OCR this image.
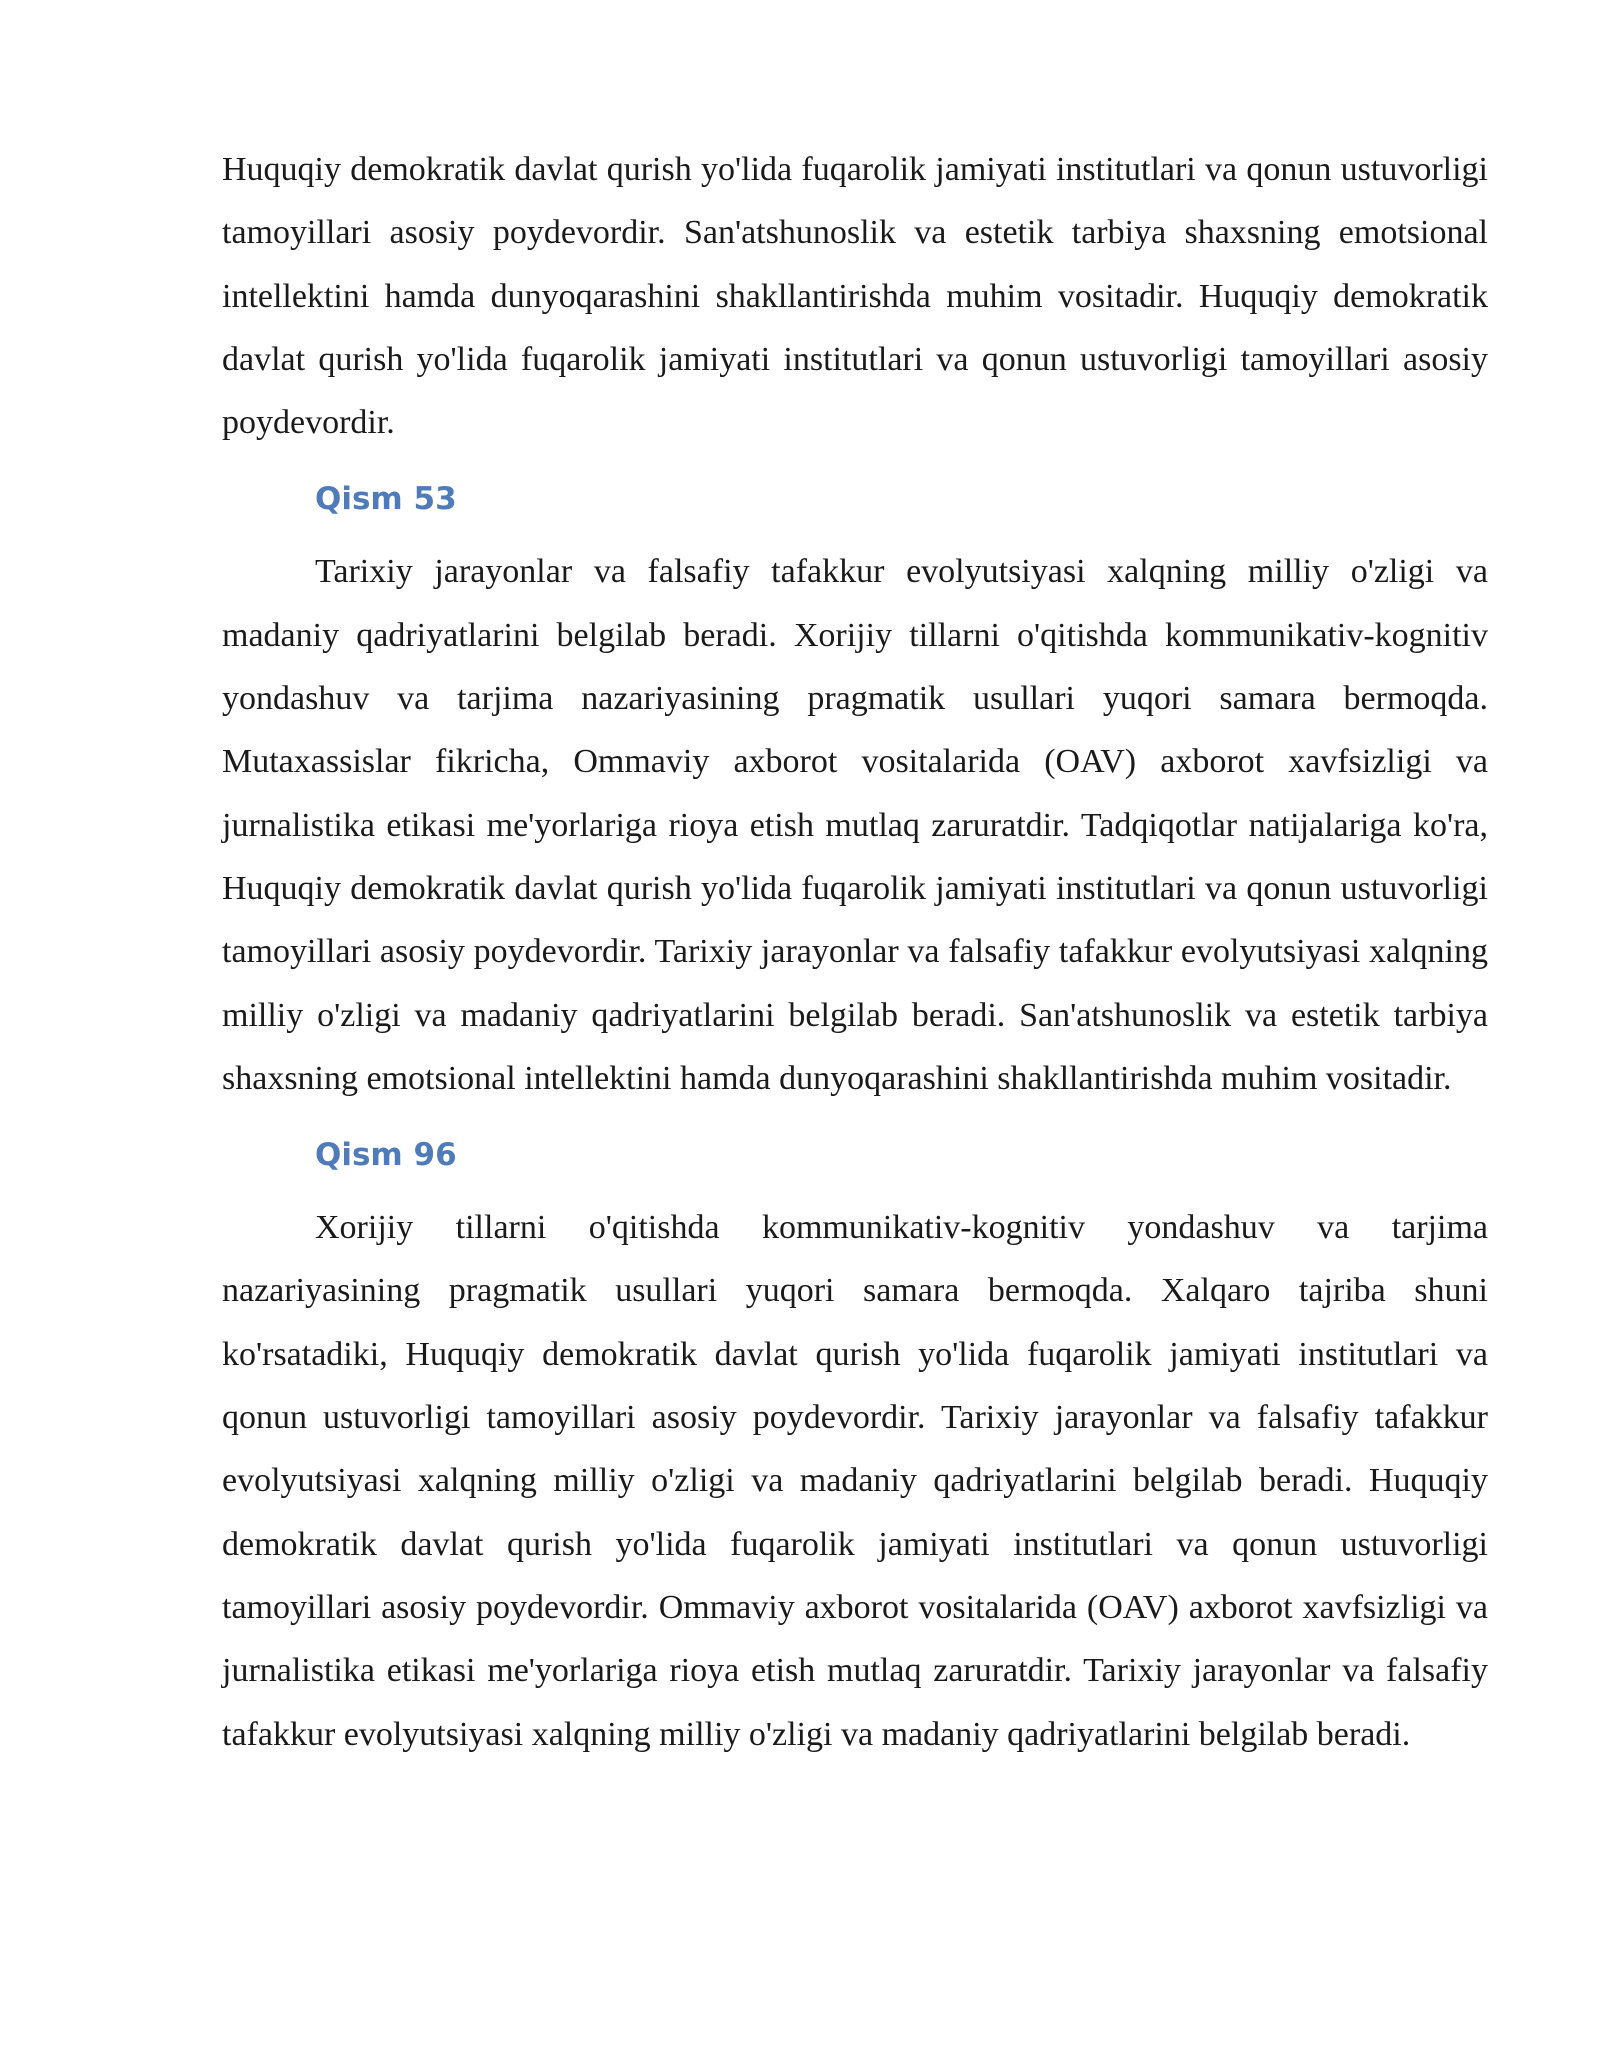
Huquqiy demokratik davlat qurish yo'lida fuqarolik jamiyati institutlari va qonun ustuvorligi tamoyillari asosiy poydevordir. San'atshunoslik va estetik tarbiya shaxsning emotsional intellektini hamda dunyoqarashini shakllantirishda muhim vositadir. Huquqiy demokratik davlat qurish yo'lida fuqarolik jamiyati institutlari va qonun ustuvorligi tamoyillari asosiy poydevordir.

Qism 53

Tarixiy jarayonlar va falsafiy tafakkur evolyutsiyasi xalqning milliy o'zligi va madaniy qadriyatlarini belgilab beradi. Xorijiy tillarni o'qitishda kommunikativ-kognitiv yondashuv va tarjima nazariyasining pragmatik usullari yuqori samara bermoqda. Mutaxassislar fikricha, Ommaviy axborot vositalarida (OAV) axborot xavfsizligi va jurnalistika etikasi me'yorlariga rioya etish mutlaq zaruratdir. Tadqiqotlar natijalariga ko'ra, Huquqiy demokratik davlat qurish yo'lida fuqarolik jamiyati institutlari va qonun ustuvorligi tamoyillari asosiy poydevordir. Tarixiy jarayonlar va falsafiy tafakkur evolyutsiyasi xalqning milliy o'zligi va madaniy qadriyatlarini belgilab beradi. San'atshunoslik va estetik tarbiya shaxsning emotsional intellektini hamda dunyoqarashini shakllantirishda muhim vositadir.

Qism 96

Xorijiy tillarni o'qitishda kommunikativ-kognitiv yondashuv va tarjima nazariyasining pragmatik usullari yuqori samara bermoqda. Xalqaro tajriba shuni ko'rsatadiki, Huquqiy demokratik davlat qurish yo'lida fuqarolik jamiyati institutlari va qonun ustuvorligi tamoyillari asosiy poydevordir. Tarixiy jarayonlar va falsafiy tafakkur evolyutsiyasi xalqning milliy o'zligi va madaniy qadriyatlarini belgilab beradi. Huquqiy demokratik davlat qurish yo'lida fuqarolik jamiyati institutlari va qonun ustuvorligi tamoyillari asosiy poydevordir. Ommaviy axborot vositalarida (OAV) axborot xavfsizligi va jurnalistika etikasi me'yorlariga rioya etish mutlaq zaruratdir. Tarixiy jarayonlar va falsafiy tafakkur evolyutsiyasi xalqning milliy o'zligi va madaniy qadriyatlarini belgilab beradi.
